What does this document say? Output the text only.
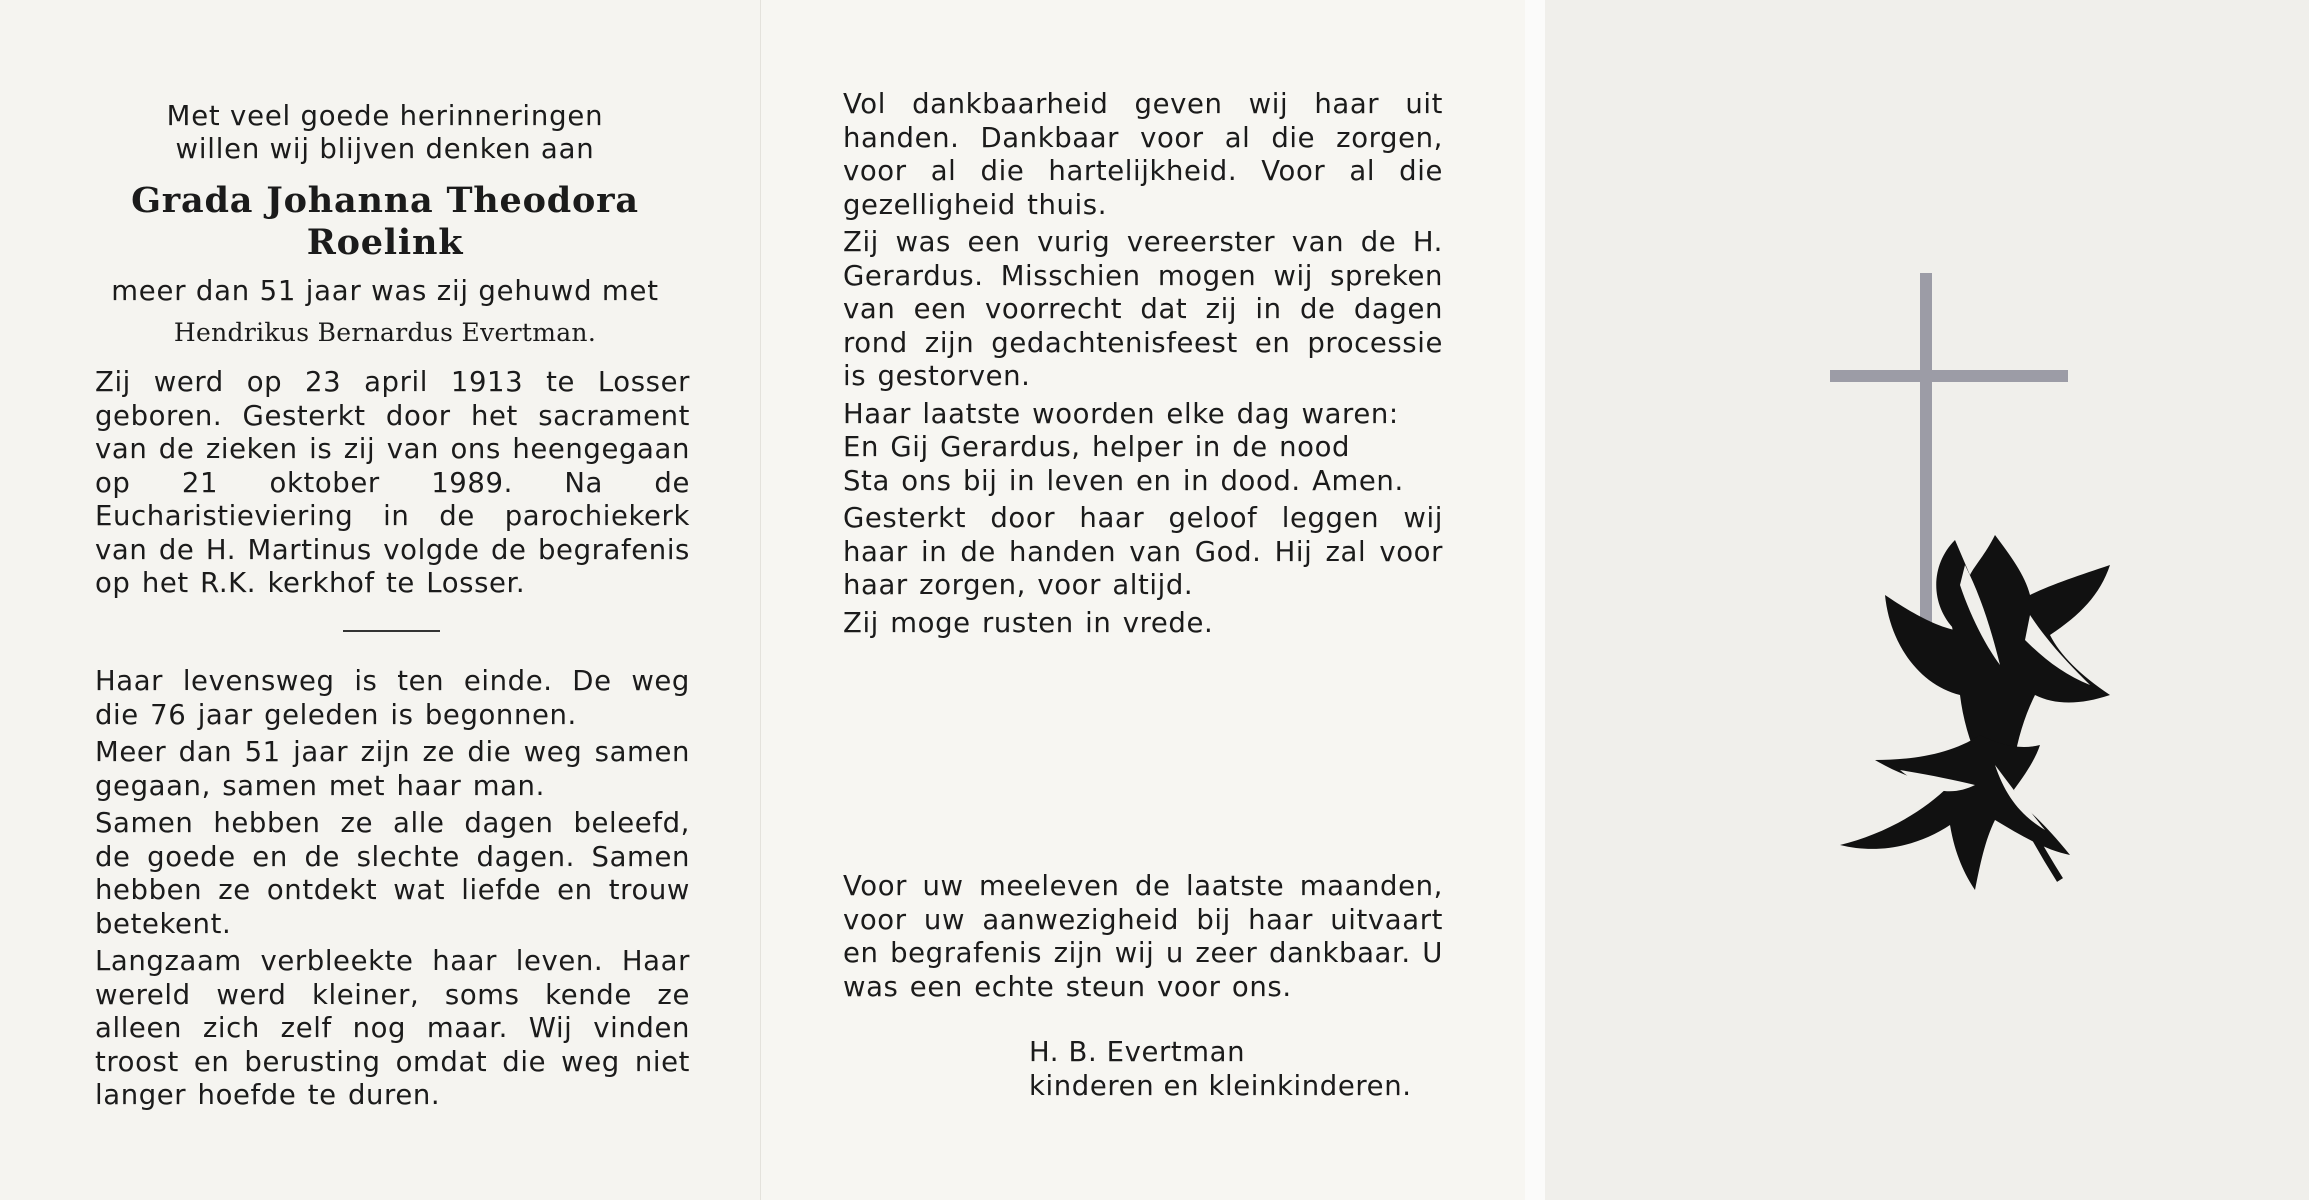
Met veel goede herinneringen
willen wij blijven denken aan
Grada Johanna Theodora
Roelink
meer dan 51 jaar was zij gehuwd met
Hendrikus Bernardus Evertman.

Zij werd op 23 april 1913 te Losser geboren. Gesterkt door het sacrament van de zieken is zij van ons heengegaan op 21 oktober 1989. Na de Eucharistieviering in de parochiekerk van de H. Martinus volgde de begrafenis op het R.K. kerkhof te Losser.

Haar levensweg is ten einde. De weg die 76 jaar geleden is begonnen.

Meer dan 51 jaar zijn ze die weg samen gegaan, samen met haar man.

Samen hebben ze alle dagen beleefd, de goede en de slechte dagen. Samen hebben ze ontdekt wat liefde en trouw betekent.

Langzaam verbleekte haar leven. Haar wereld werd kleiner, soms kende ze alleen zich zelf nog maar. Wij vinden troost en berusting omdat die weg niet langer hoefde te duren.

Vol dankbaarheid geven wij haar uit handen. Dankbaar voor al die zorgen, voor al die hartelijkheid. Voor al die gezelligheid thuis.

Zij was een vurig vereerster van de H. Gerardus. Misschien mogen wij spreken van een voorrecht dat zij in de dagen rond zijn gedachtenisfeest en processie is gestorven.

Haar laatste woorden elke dag waren:
En Gij Gerardus, helper in de nood
Sta ons bij in leven en in dood. Amen.

Gesterkt door haar geloof leggen wij haar in de handen van God. Hij zal voor haar zorgen, voor altijd.

Zij moge rusten in vrede.

Voor uw meeleven de laatste maanden, voor uw aanwezigheid bij haar uitvaart en begrafenis zijn wij u zeer dankbaar. U was een echte steun voor ons.

H. B. Evertman
kinderen en kleinkinderen.
